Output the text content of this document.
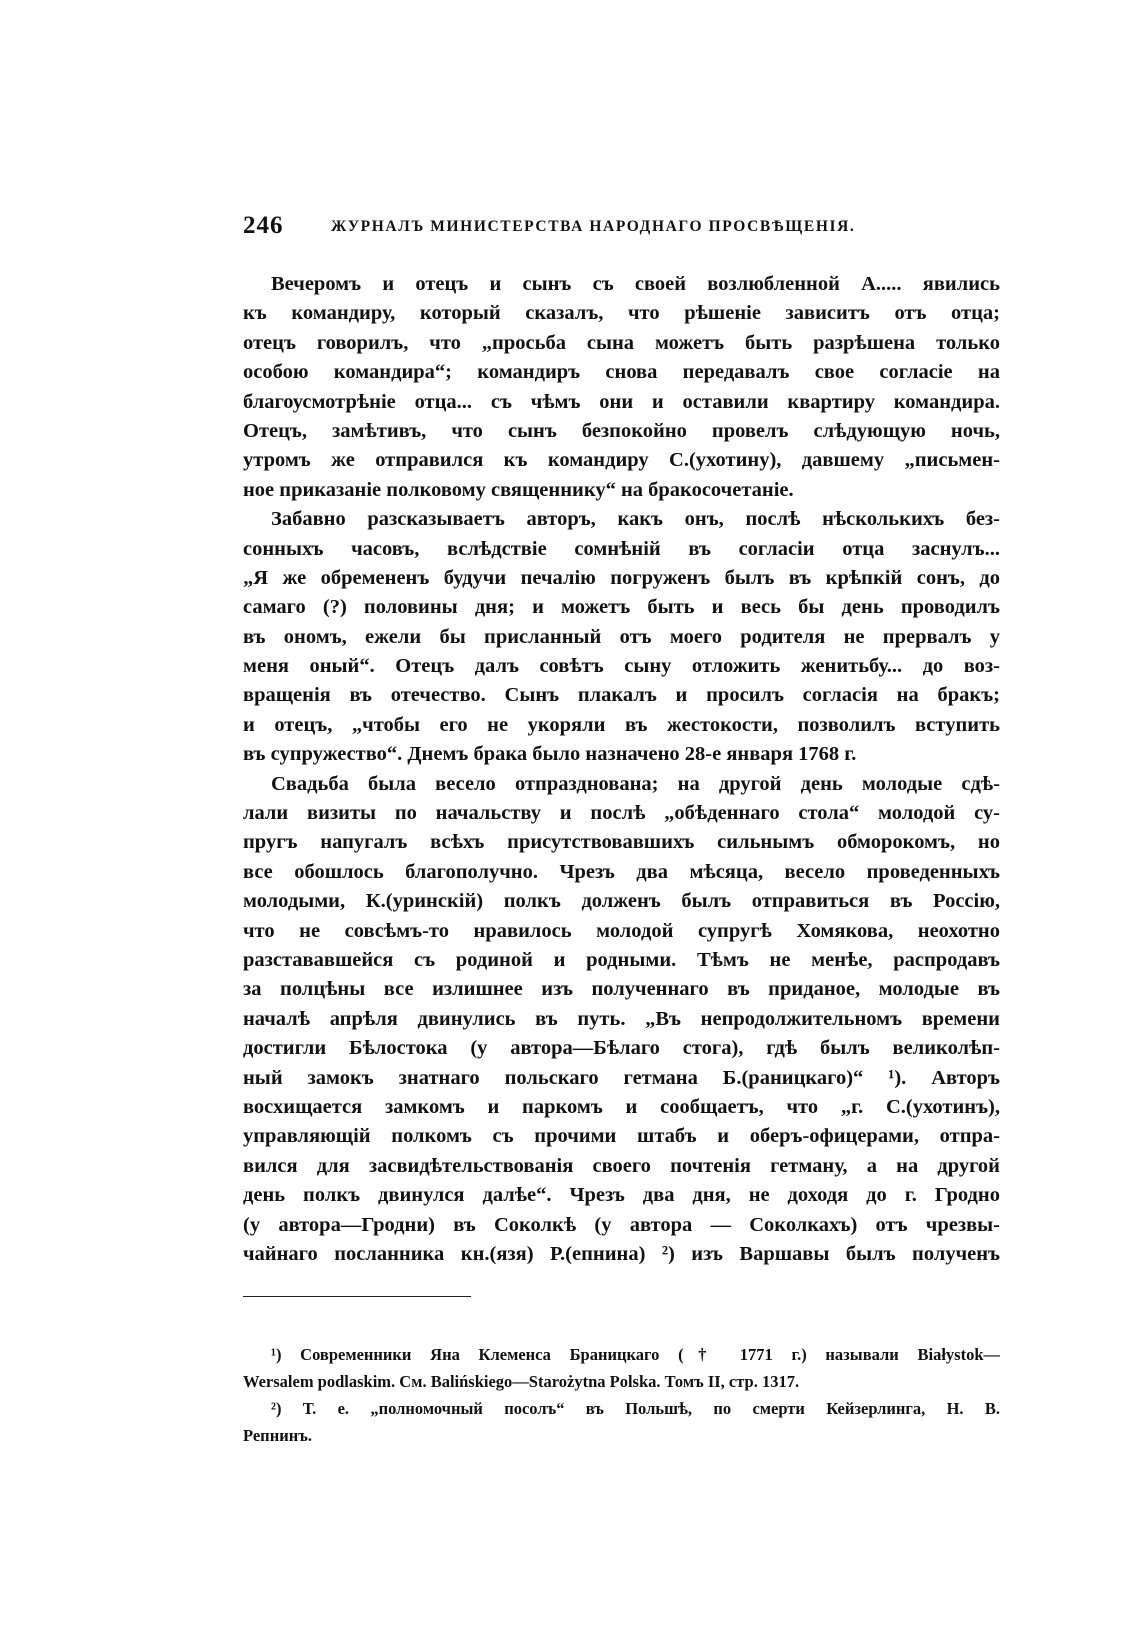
246	ЖУРНАЛЪ МИНИСТЕРСТВА НАРОДНАГО ПРОСВѢЩЕНІЯ.
Вечеромъ и отецъ и сынъ съ своей возлюбленной А..... явились
къ командиру, который сказалъ, что рѣшеніе зависитъ отъ отца;
отецъ говорилъ, что „просьба сына можетъ быть разрѣшена только
особою командира“; командиръ снова передавалъ свое согласіе на
благоусмотрѣніе отца... съ чѣмъ они и оставили квартиру командира.
Отецъ, замѣтивъ, что сынъ безпокойно провелъ слѣдующую ночь,
утромъ же отправился къ командиру С.(ухотину), давшему „письмен-
ное приказаніе полковому священнику“ на бракосочетаніе.
Забавно разсказываетъ авторъ, какъ онъ, послѣ нѣсколькихъ без-
сонныхъ часовъ, вслѣдствіе сомнѣній въ согласіи отца заснулъ...
„Я же обремененъ будучи печалію погруженъ былъ въ крѣпкій сонъ, до
самаго (?) половины дня; и можетъ быть и весь бы день проводилъ
въ ономъ, ежели бы присланный отъ моего родителя не прервалъ у
меня оный“. Отецъ далъ совѣтъ сыну отложить женитьбу... до воз-
вращенія въ отечество. Сынъ плакалъ и просилъ согласія на бракъ;
и отецъ, „чтобы его не укоряли въ жестокости, позволилъ вступить
въ супружество“. Днемъ брака было назначено 28-е января 1768 г.
Свадьба была весело отпразднована; на другой день молодые сдѣ-
лали визиты по начальству и послѣ „обѣденнаго стола“ молодой су-
пругъ напугалъ всѣхъ присутствовавшихъ сильнымъ обморокомъ, но
все обошлось благополучно. Чрезъ два мѣсяца, весело проведенныхъ
молодыми, К.(уринскій) полкъ долженъ былъ отправиться въ Россію,
что не совсѣмъ-то нравилось молодой супругѣ Хомякова, неохотно
разстававшейся съ родиной и родными. Тѣмъ не менѣе, распродавъ
за полцѣны все излишнее изъ полученнаго въ приданое, молодые въ
началѣ апрѣля двинулись въ путь. „Въ непродолжительномъ времени
достигли Бѣлостока (у автора—Бѣлаго стога), гдѣ былъ великолѣп-
ный замокъ знатнаго польскаго гетмана Б.(раницкаго)“ ¹). Авторъ
восхищается замкомъ и паркомъ и сообщаетъ, что „г. С.(ухотинъ),
управляющій полкомъ съ прочими штабъ и оберъ-офицерами, отпра-
вился для засвидѣтельствованія своего почтенія гетману, а на другой
день полкъ двинулся далѣе“. Чрезъ два дня, не доходя до г. Гродно
(у автора—Гродни) въ Соколкѣ (у автора — Соколкахъ) отъ чрезвы-
чайнаго посланника кн.(язя) Р.(епнина) ²) изъ Варшавы былъ полученъ
¹) Современники Яна Клеменса Браницкаго († 1771 г.) называли Białystok—
Wersalem podlaskim. См. Balińskiego—Starożytna Polska. Томъ II, стр. 1317.
²) Т. е. „полномочный посолъ“ въ Польшѣ, по смерти Кейзерлинга, Н. В.
Репнинъ.
